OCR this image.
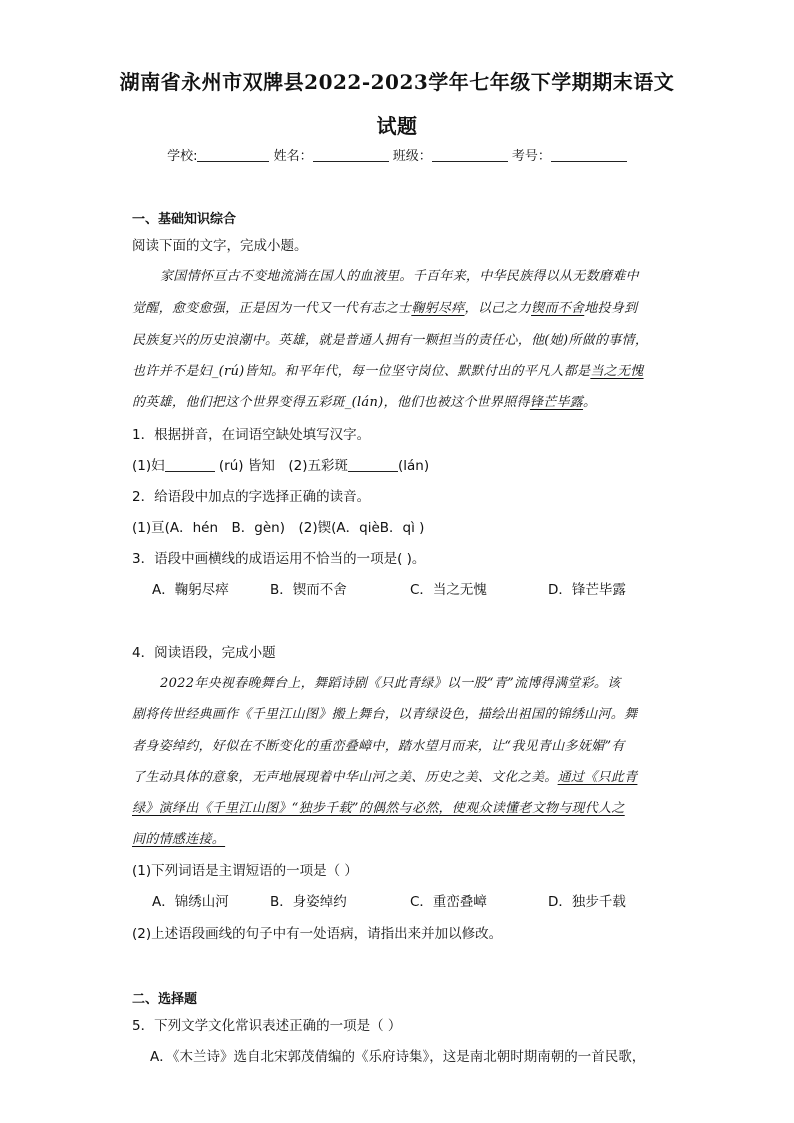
湖南省永州市双牌县2022-2023学年七年级下学期期末语文
试题
学校:	姓名：	班级：	考号：
一、基础知识综合
阅读下面的文字，完成小题。
家国情怀亘古不变地流淌在国人的血液里。千百年来，中华民族得以从无数磨难中
觉醒，愈变愈强，正是因为一代又一代有志之士鞠躬尽瘁，以己之力锲而不舍地投身到
民族复兴的历史浪潮中。英雄，就是普通人拥有一颗担当的责任心，他(她)所做的事情，
也许并不是妇_(rú)皆知。和平年代，每一位坚守岗位、默默付出的平凡人都是当之无愧
的英雄，他们把这个世界变得五彩斑_(lán)，他们也被这个世界照得锋芒毕露。
1．根据拼音，在词语空缺处填写汉字。
(1)妇	(rú) 皆知　(2)五彩斑	(lán)
2．给语段中加点的字选择正确的读音。
(1)亘(A．hén　B．gèn)　(2)锲(A．qièB．qì )
3．语段中画横线的成语运用不恰当的一项是( )。
A．鞠躬尽瘁	B．锲而不舍	C．当之无愧	D．锋芒毕露
4．阅读语段，完成小题
2022年央视春晚舞台上，舞蹈诗剧《只此青绿》以一股“青”流博得满堂彩。该
剧将传世经典画作《千里江山图》搬上舞台，以青绿设色，描绘出祖国的锦绣山河。舞
者身姿绰约，好似在不断变化的重峦叠嶂中，踏水望月而来，让“我见青山多妩媚”有
了生动具体的意象，无声地展现着中华山河之美、历史之美、文化之美。通过《只此青
绿》演绎出《千里江山图》“独步千载”的偶然与必然，使观众读懂老文物与现代人之
间的情感连接。
(1)下列词语是主谓短语的一项是（ ）
A．锦绣山河	B．身姿绰约	C．重峦叠嶂	D．独步千载
(2)上述语段画线的句子中有一处语病，请指出来并加以修改。
二、选择题
5．下列文学文化常识表述正确的一项是（ ）
A．《木兰诗》选自北宋郭茂倩编的《乐府诗集》，这是南北朝时期南朝的一首民歌，
